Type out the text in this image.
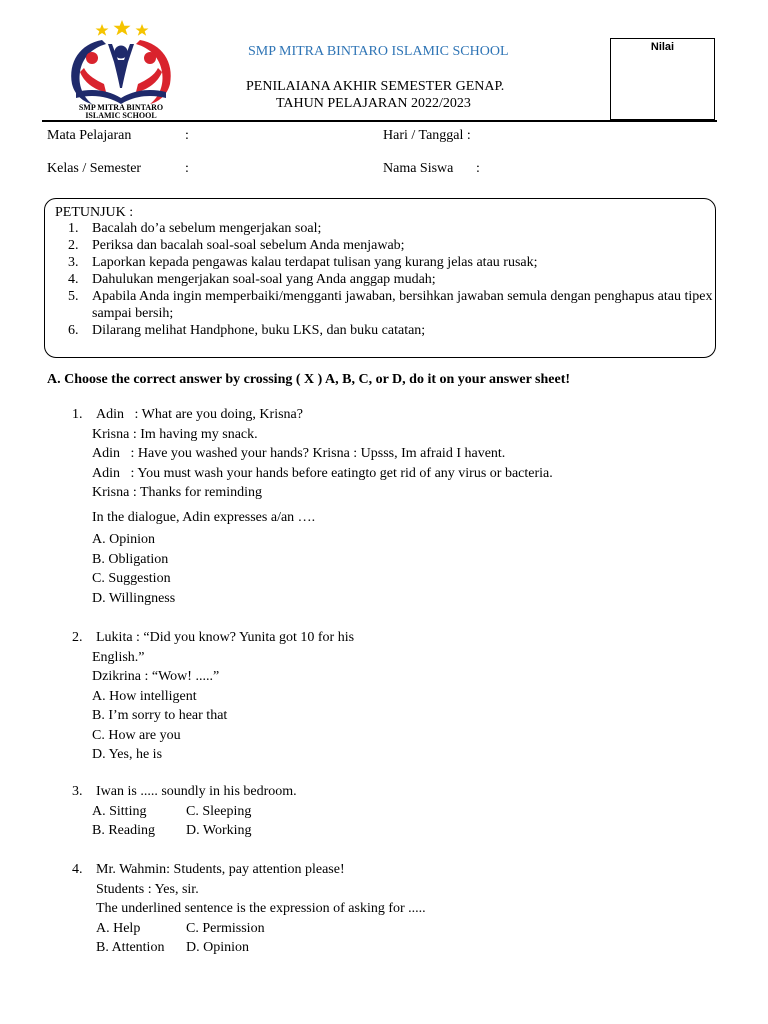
SMP MITRA BINTARO
ISLAMIC SCHOOL
SMP MITRA BINTARO ISLAMIC SCHOOL
PENILAIANA AKHIR SEMESTER GENAP.
TAHUN PELAJARAN 2022/2023
Nilai
Mata Pelajaran	:	Hari / Tanggal :
Kelas / Semester	:	Nama Siswa :
PETUNJUK :
1. Bacalah do’a sebelum mengerjakan soal;
2. Periksa dan bacalah soal-soal sebelum Anda menjawab;
3. Laporkan kepada pengawas kalau terdapat tulisan yang kurang jelas atau rusak;
4. Dahulukan mengerjakan soal-soal yang Anda anggap mudah;
5. Apabila Anda ingin memperbaiki/mengganti jawaban, bersihkan jawaban semula dengan penghapus atau tipex sampai bersih;
6. Dilarang melihat Handphone, buku LKS, dan buku catatan;
A. Choose the correct answer by crossing ( X ) A, B, C, or D, do it on your answer sheet!
1. Adin   : What are you doing, Krisna?
Krisna : Im having my snack.
Adin   : Have you washed your hands? Krisna : Upsss, Im afraid I havent.
Adin   : You must wash your hands before eatingto get rid of any virus or bacteria.
Krisna : Thanks for reminding
In the dialogue, Adin expresses a/an ….
A. Opinion
B. Obligation
C. Suggestion
D. Willingness
2. Lukita : “Did you know? Yunita got 10 for his
English.”
Dzikrina : “Wow! .....”
A. How intelligent
B. I’m sorry to hear that
C. How are you
D. Yes, he is
3. Iwan is ..... soundly in his bedroom.
A. Sitting	C. Sleeping
B. Reading D. Working
4. Mr. Wahmin: Students, pay attention please!
Students : Yes, sir.
The underlined sentence is the expression of asking for .....
A. Help	C. Permission
B. Attention D. Opinion
